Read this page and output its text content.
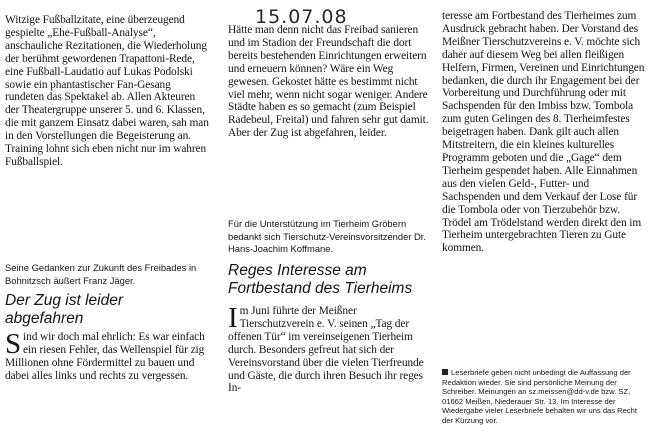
15.07.08

Witzige Fußballzitate, eine überzeugend gespielte „Ehe-Fußball-Analyse“, anschauliche Rezitationen, die Wiederholung der berühmt gewordenen Trapattoni-Rede, eine Fußball-Laudatio auf Lukas Podolski sowie ein phantastischer Fan-Gesang rundeten das Spektakel ab. Allen Akteuren der Theatergruppe unserer 5. und 6. Klassen, die mit ganzem Einsatz dabei waren, sah man in den Vorstellungen die Begeisterung an. Training lohnt sich eben nicht nur im wahren Fußballspiel.

Seine Gedanken zur Zukunft des Freibades in Bohnitzsch äußert Franz Jäger.

Der Zug ist leider abgefahren

Sind wir doch mal ehrlich: Es war einfach ein riesen Fehler, das Wellenspiel für zig Millionen ohne Fördermittel zu bauen und dabei alles links und rechts zu vergessen.

Hätte man denn nicht das Freibad sanieren und im Stadion der Freundschaft die dort bereits bestehenden Einrichtungen erweitern und erneuern können? Wäre ein Weg gewesen. Gekostet hätte es bestimmt nicht viel mehr, wenn nicht sogar weniger. Andere Städte haben es so gemacht (zum Beispiel Radebeul, Freital) und fahren sehr gut damit. Aber der Zug ist abgefahren, leider.

Für die Unterstützung im Tierheim Gröbern bedankt sich Tierschutz-Vereinsvorsitzender Dr. Hans-Joachim Koffmane.

Reges Interesse am Fortbestand des Tierheims

Im Juni führte der Meißner Tierschutzverein e. V. seinen „Tag der offenen Tür“ im vereinseigenen Tierheim durch. Besonders gefreut hat sich der Vereinsvorstand über die vielen Tierfreunde und Gäste, die durch ihren Besuch ihr reges In-

teresse am Fortbestand des Tierheimes zum Ausdruck gebracht haben. Der Vorstand des Meißner Tierschutzvereins e. V. möchte sich daher auf diesem Weg bei allen fleißigen Helfern, Firmen, Vereinen und Einrichtungen bedanken, die durch ihr Engagement bei der Vorbereitung und Durchführung oder mit Sachspenden für den Imbiss bzw. Tombola zum guten Gelingen des 8. Tierheimfestes beigetragen haben. Dank gilt auch allen Mitstreitern, die ein kleines kulturelles Programm geboten und die „Gage“ dem Tierheim gespendet haben. Alle Einnahmen aus den vielen Geld-, Futter- und Sachspenden und dem Verkauf der Lose für die Tombola oder von Tierzubehör bzw. Trödel am Trödelstand werden direkt den im Tierheim untergebrachten Tieren zu Gute kommen.

Leserbriefe geben nicht unbedingt die Auffassung der Redaktion wieder. Sie sind persönliche Meinung der Schreiber. Meinungen an sz.meissen@dd-v.de bzw. SZ, 01662 Meißen, Niederauer Str. 13. Im Interesse der Wiedergabe vieler Leserbriefe behalten wir uns das Recht der Kürzung vor.
